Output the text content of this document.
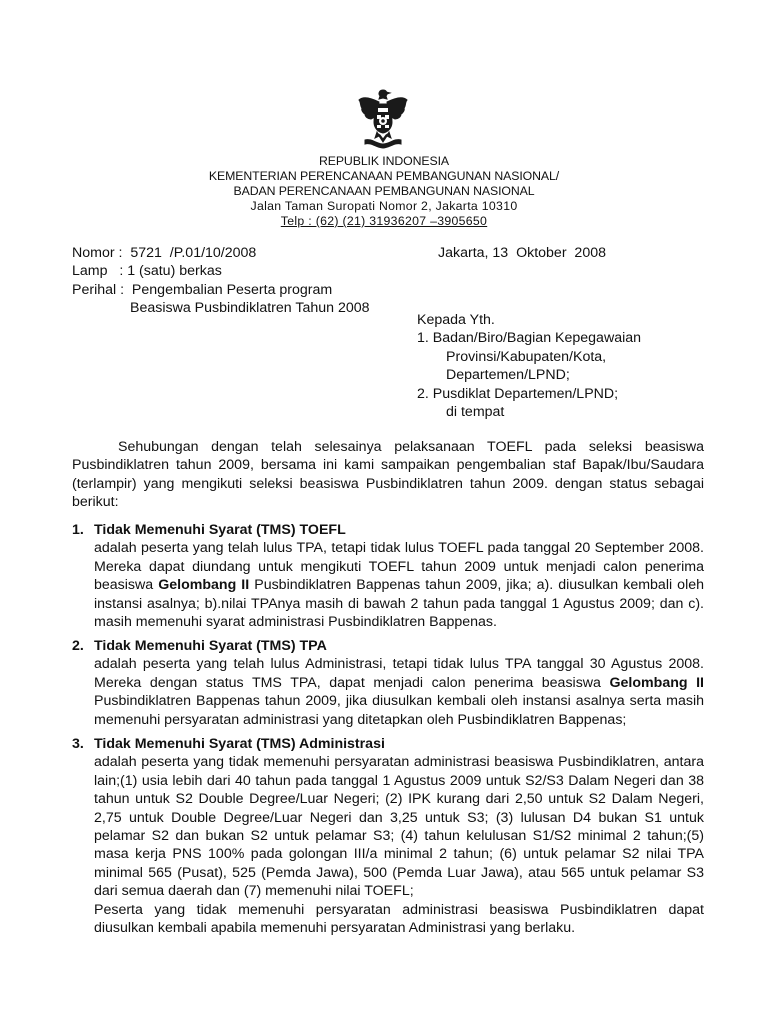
REPUBLIK INDONESIA
KEMENTERIAN PERENCANAAN PEMBANGUNAN NASIONAL/
BADAN PERENCANAAN PEMBANGUNAN NASIONAL
Jalan Taman Suropati Nomor 2, Jakarta 10310
Telp : (62) (21) 31936207 –3905650
Nomor :  5721  /P.01/10/2008
Lamp   : 1 (satu) berkas
Perihal :  Pengembalian Peserta program
Beasiswa Pusbindiklatren Tahun 2008
Jakarta, 13  Oktober  2008
Kepada Yth.
1. Badan/Biro/Bagian Kepegawaian
Provinsi/Kabupaten/Kota,
Departemen/LPND;
2. Pusdiklat Departemen/LPND;
di tempat
Sehubungan dengan telah selesainya pelaksanaan TOEFL pada seleksi beasiswa Pusbindiklatren tahun 2009, bersama ini kami sampaikan pengembalian staf Bapak/Ibu/Saudara (terlampir) yang mengikuti seleksi beasiswa Pusbindiklatren tahun 2009. dengan status sebagai berikut:
1. Tidak Memenuhi Syarat (TMS) TOEFL
adalah peserta yang telah lulus TPA, tetapi tidak lulus TOEFL pada tanggal 20 September 2008. Mereka dapat diundang untuk mengikuti TOEFL tahun 2009 untuk menjadi calon penerima beasiswa Gelombang II Pusbindiklatren Bappenas tahun 2009, jika; a). diusulkan kembali oleh instansi asalnya; b).nilai TPAnya masih di bawah 2 tahun pada tanggal 1 Agustus 2009; dan c). masih memenuhi syarat administrasi Pusbindiklatren Bappenas.
2. Tidak Memenuhi Syarat (TMS) TPA
adalah peserta yang telah lulus Administrasi, tetapi tidak lulus TPA tanggal 30 Agustus 2008. Mereka dengan status TMS TPA, dapat menjadi calon penerima beasiswa Gelombang II Pusbindiklatren Bappenas tahun 2009, jika diusulkan kembali oleh instansi asalnya serta masih memenuhi persyaratan administrasi yang ditetapkan oleh Pusbindiklatren Bappenas;
3. Tidak Memenuhi Syarat (TMS) Administrasi

adalah peserta yang tidak memenuhi persyaratan administrasi beasiswa Pusbindiklatren, antara lain;(1) usia lebih dari 40 tahun pada tanggal 1 Agustus 2009 untuk S2/S3 Dalam Negeri dan 38 tahun untuk S2 Double Degree/Luar Negeri; (2) IPK kurang dari 2,50 untuk S2 Dalam Negeri, 2,75 untuk Double Degree/Luar Negeri dan 3,25 untuk S3; (3) lulusan D4 bukan S1 untuk pelamar S2 dan bukan S2 untuk pelamar S3; (4) tahun kelulusan S1/S2 minimal 2 tahun;(5) masa kerja PNS 100% pada golongan III/a minimal 2 tahun; (6) untuk pelamar S2 nilai TPA minimal 565 (Pusat), 525 (Pemda Jawa), 500 (Pemda Luar Jawa), atau 565 untuk pelamar S3 dari semua daerah dan (7) memenuhi nilai TOEFL;

Peserta yang tidak memenuhi persyaratan administrasi beasiswa Pusbindiklatren dapat diusulkan kembali apabila memenuhi persyaratan Administrasi yang berlaku.
